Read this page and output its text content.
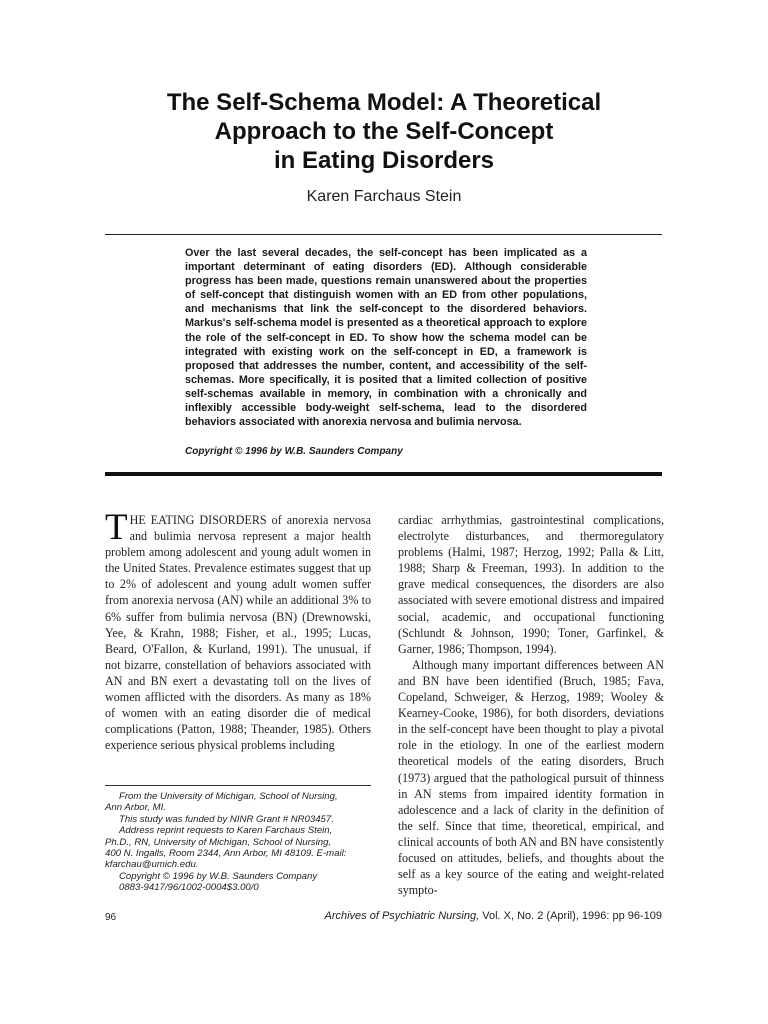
The Self-Schema Model: A Theoretical
Approach to the Self-Concept
in Eating Disorders
Karen Farchaus Stein

Over the last several decades, the self-concept has been implicated as a important determinant of eating disorders (ED). Although considerable progress has been made, questions remain unanswered about the properties of self-concept that distinguish women with an ED from other populations, and mechanisms that link the self-concept to the disordered behaviors. Markus's self-schema model is presented as a theoretical approach to explore the role of the self-concept in ED. To show how the schema model can be integrated with existing work on the self-concept in ED, a framework is proposed that addresses the number, content, and accessibility of the self-schemas. More specifically, it is posited that a limited collection of positive self-schemas available in memory, in combination with a chronically and inflexibly accessible body-weight self-schema, lead to the disordered behaviors associated with anorexia nervosa and bulimia nervosa.

Copyright © 1996 by W.B. Saunders Company

THE EATING DISORDERS of anorexia nervosa and bulimia nervosa represent a major health problem among adolescent and young adult women in the United States. Prevalence estimates suggest that up to 2% of adolescent and young adult women suffer from anorexia nervosa (AN) while an additional 3% to 6% suffer from bulimia nervosa (BN) (Drewnowski, Yee, & Krahn, 1988; Fisher, et al., 1995; Lucas, Beard, O'Fallon, & Kurland, 1991). The unusual, if not bizarre, constellation of behaviors associated with AN and BN exert a devastating toll on the lives of women afflicted with the disorders. As many as 18% of women with an eating disorder die of medical complications (Patton, 1988; Theander, 1985). Others experience serious physical problems including

cardiac arrhythmias, gastrointestinal complications, electrolyte disturbances, and thermoregulatory problems (Halmi, 1987; Herzog, 1992; Palla & Litt, 1988; Sharp & Freeman, 1993). In addition to the grave medical consequences, the disorders are also associated with severe emotional distress and impaired social, academic, and occupational functioning (Schlundt & Johnson, 1990; Toner, Garfinkel, & Garner, 1986; Thompson, 1994).

Although many important differences between AN and BN have been identified (Bruch, 1985; Fava, Copeland, Schweiger, & Herzog, 1989; Wooley & Kearney-Cooke, 1986), for both disorders, deviations in the self-concept have been thought to play a pivotal role in the etiology. In one of the earliest modern theoretical models of the eating disorders, Bruch (1973) argued that the pathological pursuit of thinness in AN stems from impaired identity formation in adolescence and a lack of clarity in the definition of the self. Since that time, theoretical, empirical, and clinical accounts of both AN and BN have consistently focused on attitudes, beliefs, and thoughts about the self as a key source of the eating and weight-related sympto-

From the University of Michigan, School of Nursing,
Ann Arbor, MI.
This study was funded by NINR Grant # NR03457.
Address reprint requests to Karen Farchaus Stein,
Ph.D., RN, University of Michigan, School of Nursing,
400 N. Ingalls, Room 2344, Ann Arbor, MI 48109. E-mail:
kfarchau@umich.edu.
Copyright © 1996 by W.B. Saunders Company
0883-9417/96/1002-0004$3.00/0
96	Archives of Psychiatric Nursing, Vol. X, No. 2 (April), 1996: pp 96-109
